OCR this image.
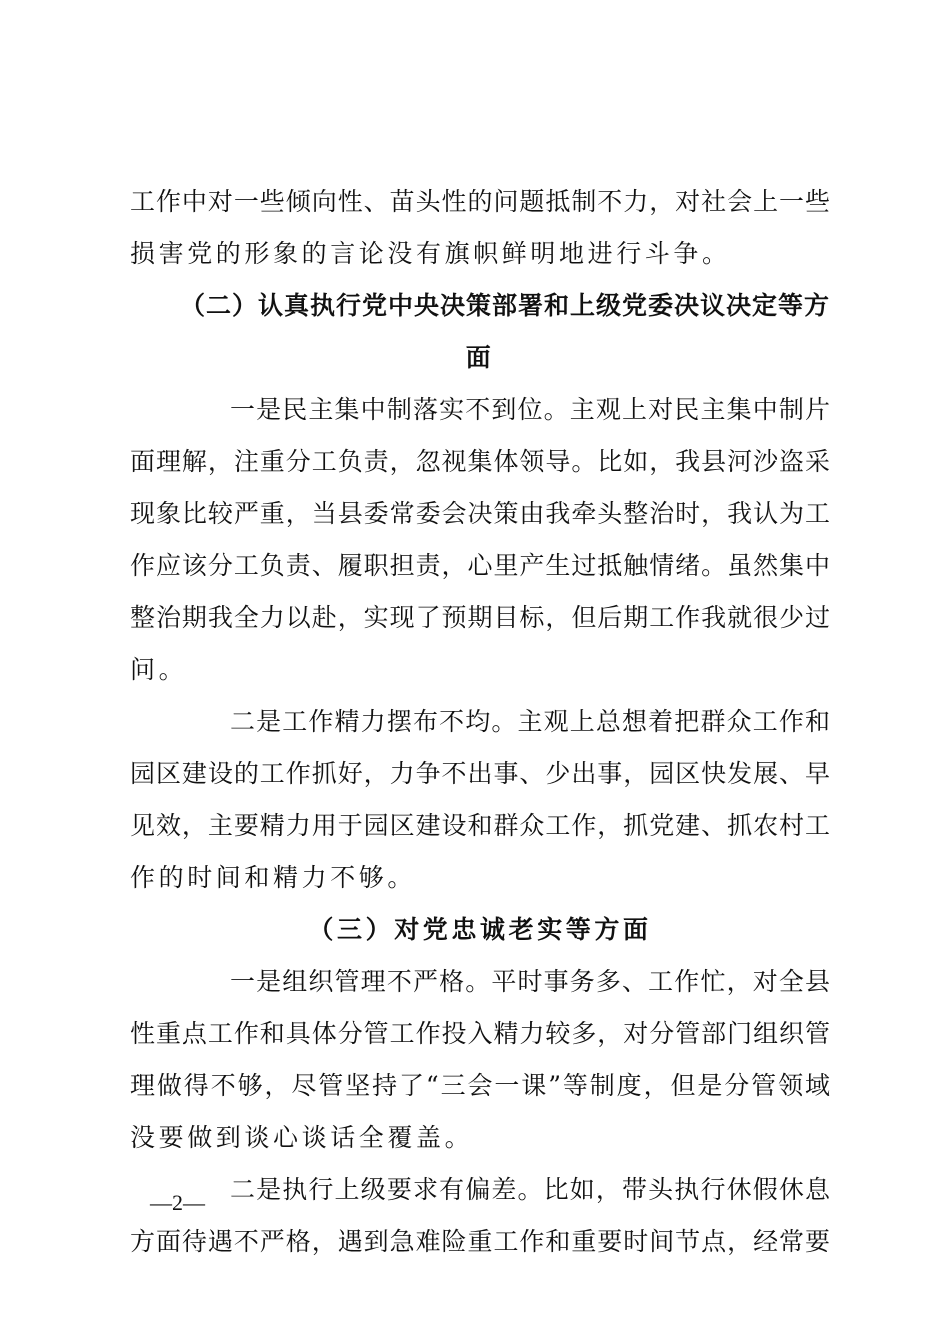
工作中对一些倾向性、苗头性的问题抵制不力，对社会上一些
损害党的形象的言论没有旗帜鲜明地进行斗争。
（二）认真执行党中央决策部署和上级党委决议决定等方
面
一是民主集中制落实不到位。主观上对民主集中制片
面理解，注重分工负责，忽视集体领导。比如，我县河沙盗采
现象比较严重，当县委常委会决策由我牵头整治时，我认为工
作应该分工负责、履职担责，心里产生过抵触情绪。虽然集中
整治期我全力以赴，实现了预期目标，但后期工作我就很少过
问。
二是工作精力摆布不均。主观上总想着把群众工作和
园区建设的工作抓好，力争不出事、少出事，园区快发展、早
见效，主要精力用于园区建设和群众工作，抓党建、抓农村工
作的时间和精力不够。
（三）对党忠诚老实等方面
一是组织管理不严格。平时事务多、工作忙，对全县
性重点工作和具体分管工作投入精力较多，对分管部门组织管
理做得不够，尽管坚持了“三会一课”等制度，但是分管领域
没要做到谈心谈话全覆盖。
二是执行上级要求有偏差。比如，带头执行休假休息
方面待遇不严格，遇到急难险重工作和重要时间节点，经常要
—2—
